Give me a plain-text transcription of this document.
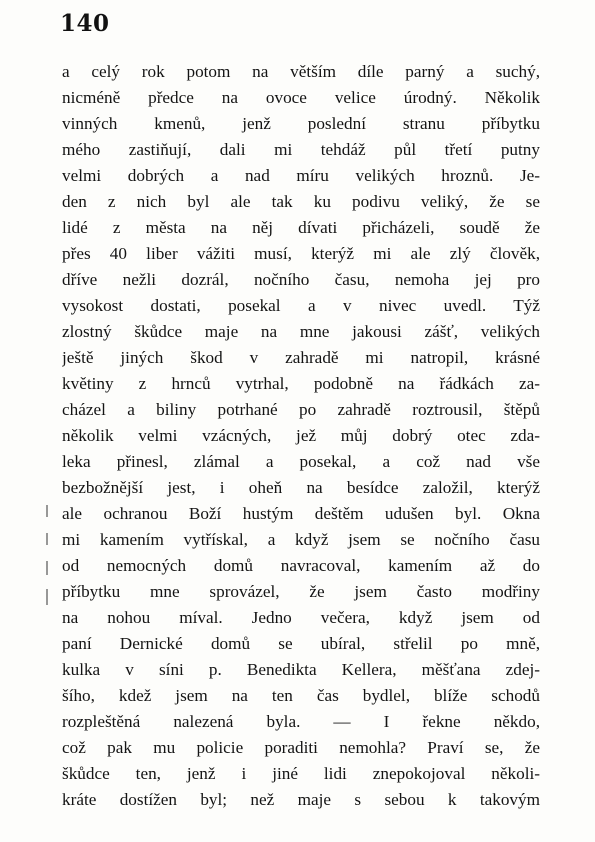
140
a celý rok potom na větším díle parný a suchý,
nicméně předce na ovoce velice úrodný. Několik
vinných kmenů, jenž poslední stranu příbytku
mého zastiňují, dali mi tehdáž půl třetí putny
velmi dobrých a nad míru velikých hroznů. Je-
den z nich byl ale tak ku podivu veliký, že se
lidé z města na něj dívati přicházeli, soudě že
přes 40 liber vážiti musí, kterýž mi ale zlý člověk,
dříve nežli dozrál, nočního času, nemoha jej pro
vysokost dostati, posekal a v nivec uvedl. Týž
zlostný škůdce maje na mne jakousi zášť, velikých
ještě jiných škod v zahradě mi natropil, krásné
květiny z hrnců vytrhal, podobně na řádkách za-
cházel a biliny potrhané po zahradě roztrousil, štěpů
několik velmi vzácných, jež můj dobrý otec zda-
leka přinesl, zlámal a posekal, a což nad vše
bezbožnější jest, i oheň na besídce založil, kterýž
ale ochranou Boží hustým deštěm udušen byl. Okna
mi kamením vytřískal, a když jsem se nočního času
od nemocných domů navracoval, kamením až do
příbytku mne sprovázel, že jsem často modřiny
na nohou míval. Jedno večera, když jsem od
paní Dernické domů se ubíral, střelil po mně,
kulka v síni p. Benedikta Kellera, měšťana zdej-
šího, kdež jsem na ten čas bydlel, blíže schodů
rozpleštěná nalezená byla. — I řekne někdo,
což pak mu policie poraditi nemohla? Praví se, že
škůdce ten, jenž i jiné lidi znepokojoval několi-
kráte dostížen byl; než maje s sebou k takovým
